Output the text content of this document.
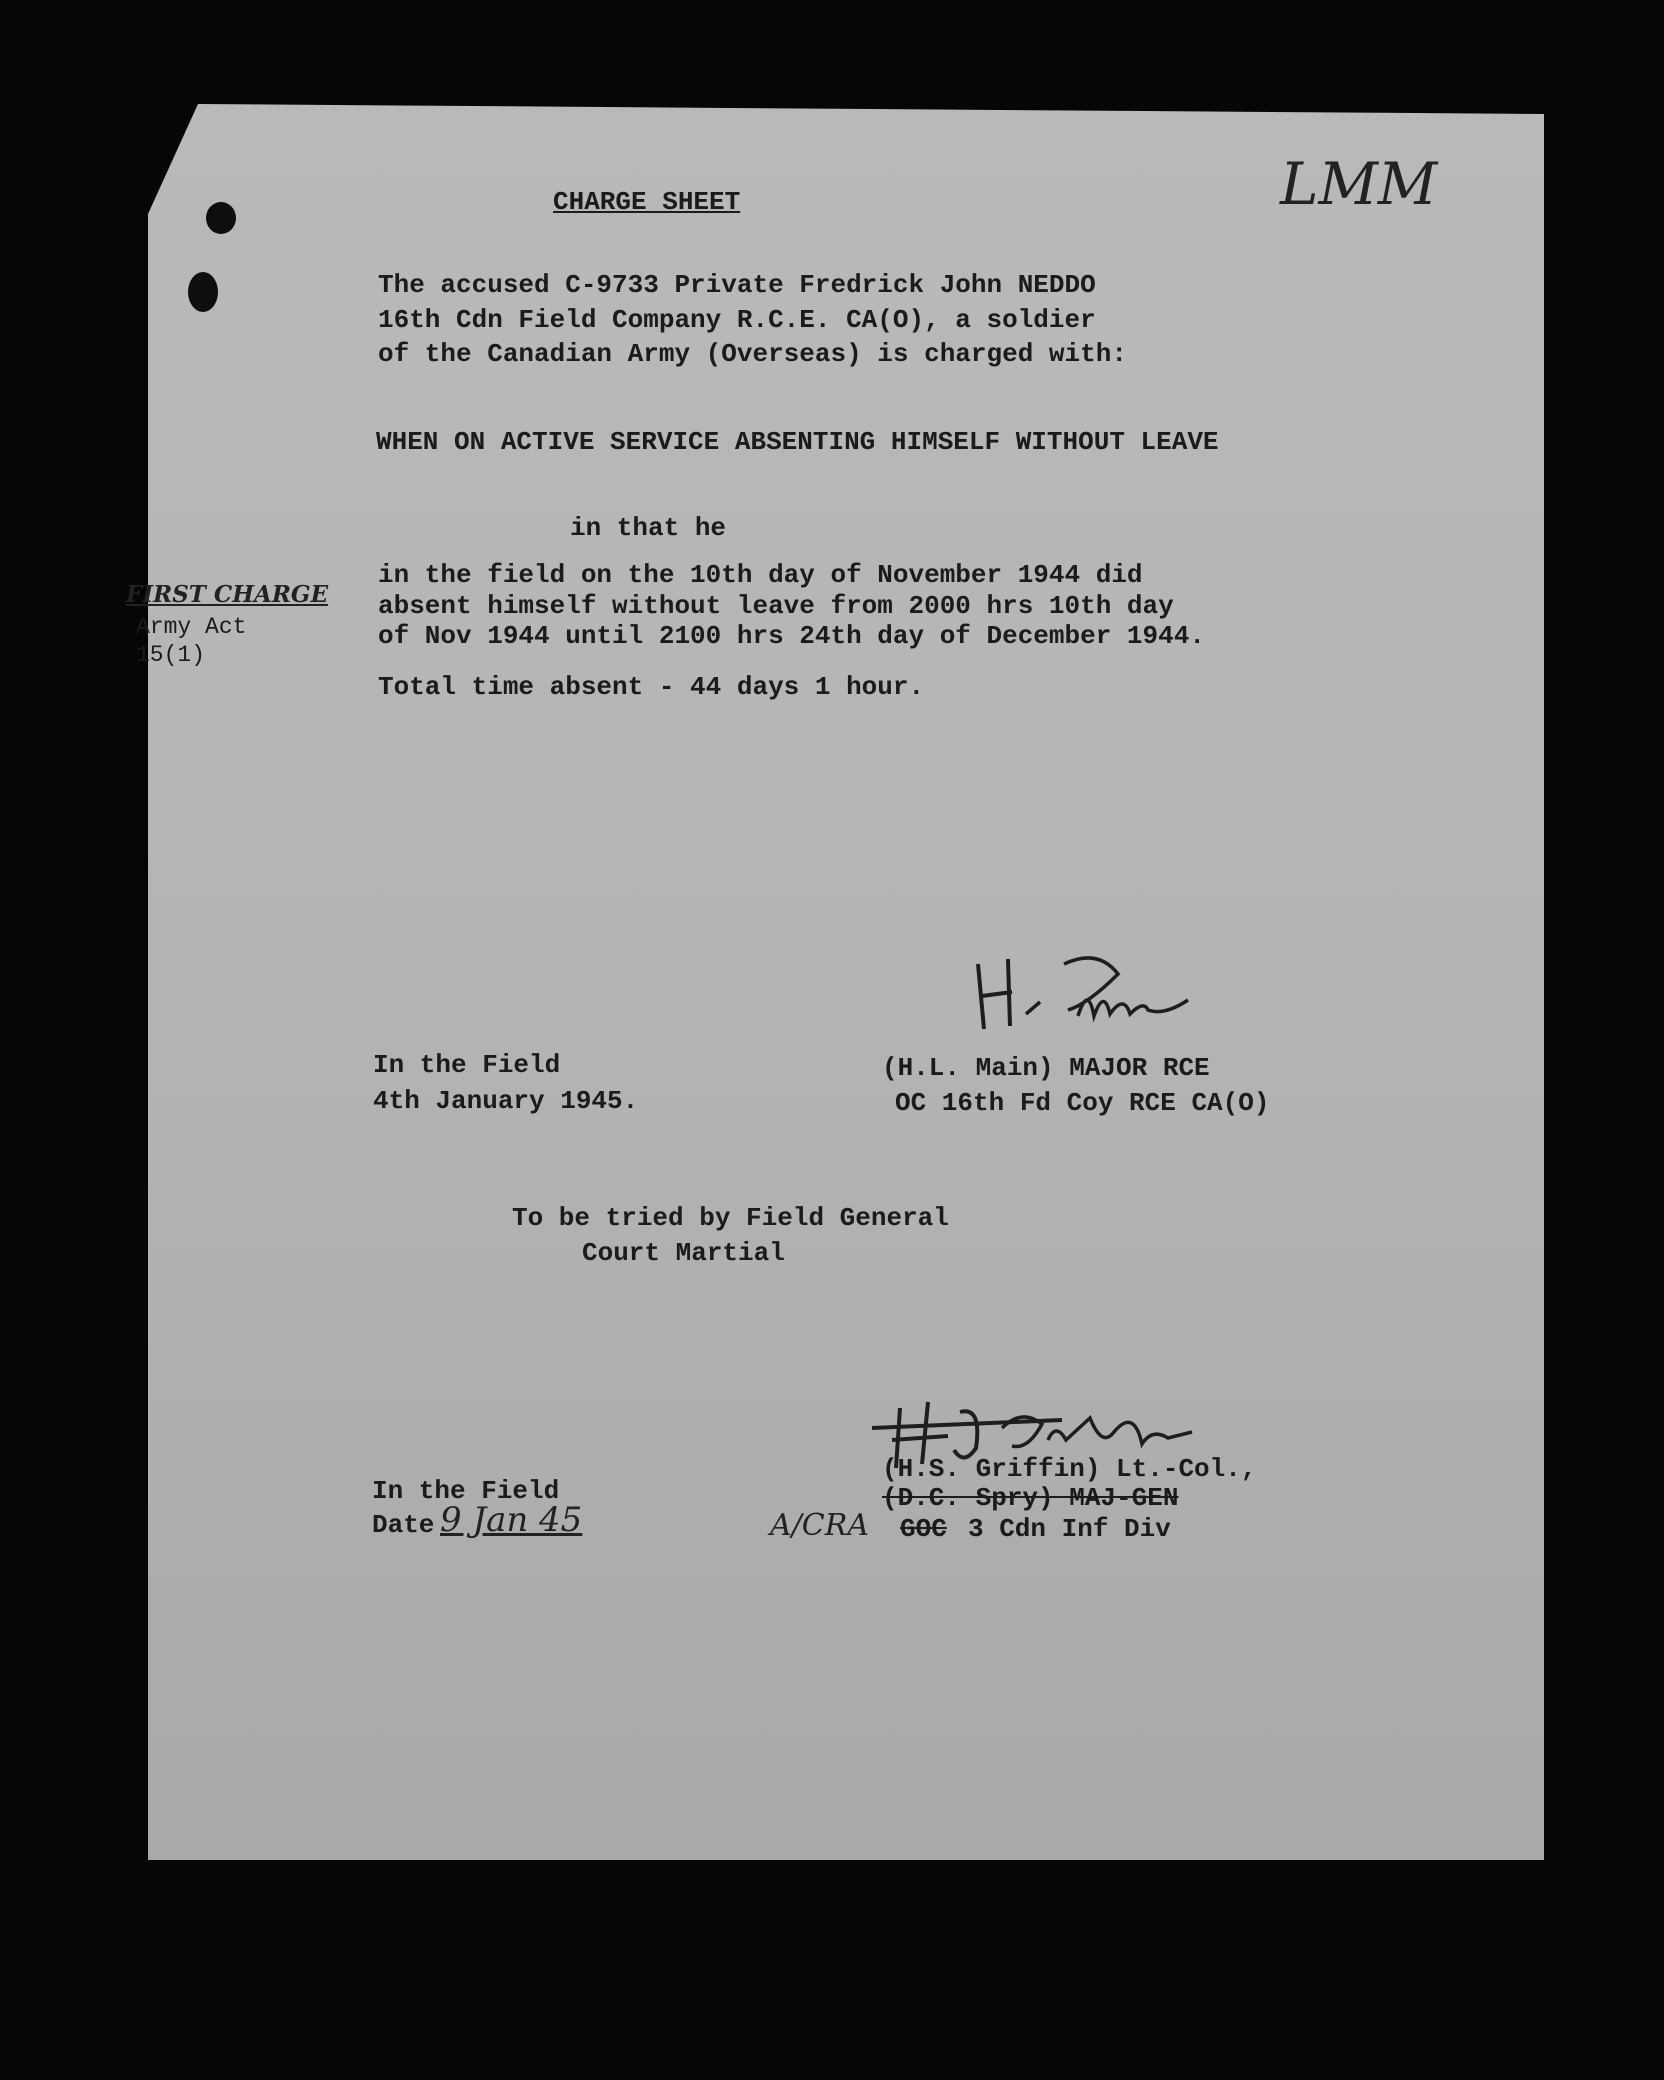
CHARGE SHEET	LMM
The accused C-9733 Private Fredrick John NEDDO
16th Cdn Field Company R.C.E. CA(O), a soldier
of the Canadian Army (Overseas) is charged with:
WHEN ON ACTIVE SERVICE ABSENTING HIMSELF WITHOUT LEAVE
in that he
in the field on the 10th day of November 1944 did
absent himself without leave from 2000 hrs 10th day
of Nov 1944 until 2100 hrs 24th day of December 1944.
FIRST CHARGE
Army Act
15(1)
Total time absent - 44 days 1 hour.
In the Field
4th January 1945.
(H.L. Main) MAJOR RCE
OC 16th Fd Coy RCE CA(O)
To be tried by Field General
Court Martial
(H.S. Griffin) Lt.-Col.,
(D.C. Spry) MAJ-GEN
In the Field
Date 9 Jan 45	A/CRA GOC 3 Cdn Inf Div
